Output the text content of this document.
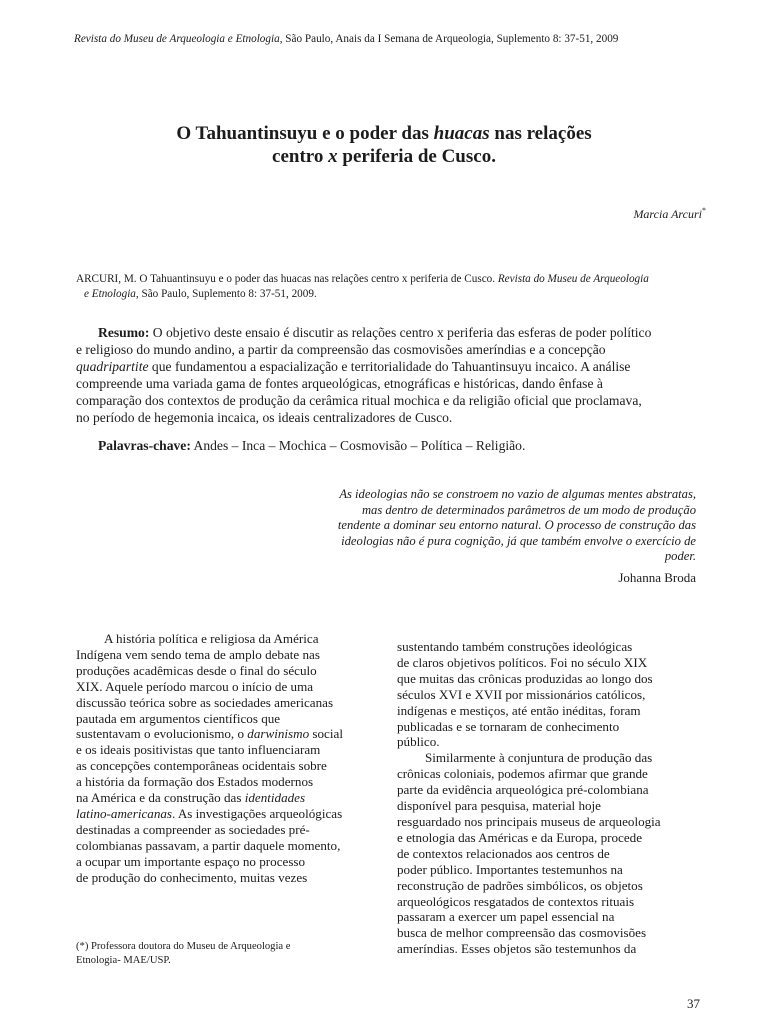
Revista do Museu de Arqueologia e Etnologia, São Paulo, Anais da I Semana de Arqueologia, Suplemento 8: 37-51, 2009
O Tahuantinsuyu e o poder das huacas nas relações
centro x periferia de Cusco.
Marcia Arcuri*
ARCURI, M. O Tahuantinsuyu e o poder das huacas nas relações centro x periferia de Cusco. Revista do Museu de Arqueologia
e Etnologia, São Paulo, Suplemento 8: 37-51, 2009.
Resumo: O objetivo deste ensaio é discutir as relações centro x periferia das esferas de poder político
e religioso do mundo andino, a partir da compreensão das cosmovisões ameríndias e a concepção
quadripartite que fundamentou a espacialização e territorialidade do Tahuantinsuyu incaico. A análise
compreende uma variada gama de fontes arqueológicas, etnográficas e históricas, dando ênfase à
comparação dos contextos de produção da cerâmica ritual mochica e da religião oficial que proclamava,
no período de hegemonia incaica, os ideais centralizadores de Cusco.
Palavras-chave: Andes – Inca – Mochica – Cosmovisão – Política – Religião.
As ideologias não se constroem no vazio de algumas mentes abstratas,
mas dentro de determinados parâmetros de um modo de produção
tendente a dominar seu entorno natural. O processo de construção das
ideologias não é pura cognição, já que também envolve o exercício de
poder.
Johanna Broda
A história política e religiosa da América
Indígena vem sendo tema de amplo debate nas
produções acadêmicas desde o final do século
XIX. Aquele período marcou o início de uma
discussão teórica sobre as sociedades americanas
pautada em argumentos científicos que
sustentavam o evolucionismo, o darwinismo social
e os ideais positivistas que tanto influenciaram
as concepções contemporâneas ocidentais sobre
a história da formação dos Estados modernos
na América e da construção das identidades
latino-americanas. As investigações arqueológicas
destinadas a compreender as sociedades pré-
colombianas passavam, a partir daquele momento,
a ocupar um importante espaço no processo
de produção do conhecimento, muitas vezes
sustentando também construções ideológicas
de claros objetivos políticos. Foi no século XIX
que muitas das crônicas produzidas ao longo dos
séculos XVI e XVII por missionários católicos,
indígenas e mestiços, até então inéditas, foram
publicadas e se tornaram de conhecimento
público.
Similarmente à conjuntura de produção das
crônicas coloniais, podemos afirmar que grande
parte da evidência arqueológica pré-colombiana
disponível para pesquisa, material hoje
resguardado nos principais museus de arqueologia
e etnologia das Américas e da Europa, procede
de contextos relacionados aos centros de
poder público. Importantes testemunhos na
reconstrução de padrões simbólicos, os objetos
arqueológicos resgatados de contextos rituais
passaram a exercer um papel essencial na
busca de melhor compreensão das cosmovisões
ameríndias. Esses objetos são testemunhos da
(*) Professora doutora do Museu de Arqueologia e
Etnologia- MAE/USP.
37
